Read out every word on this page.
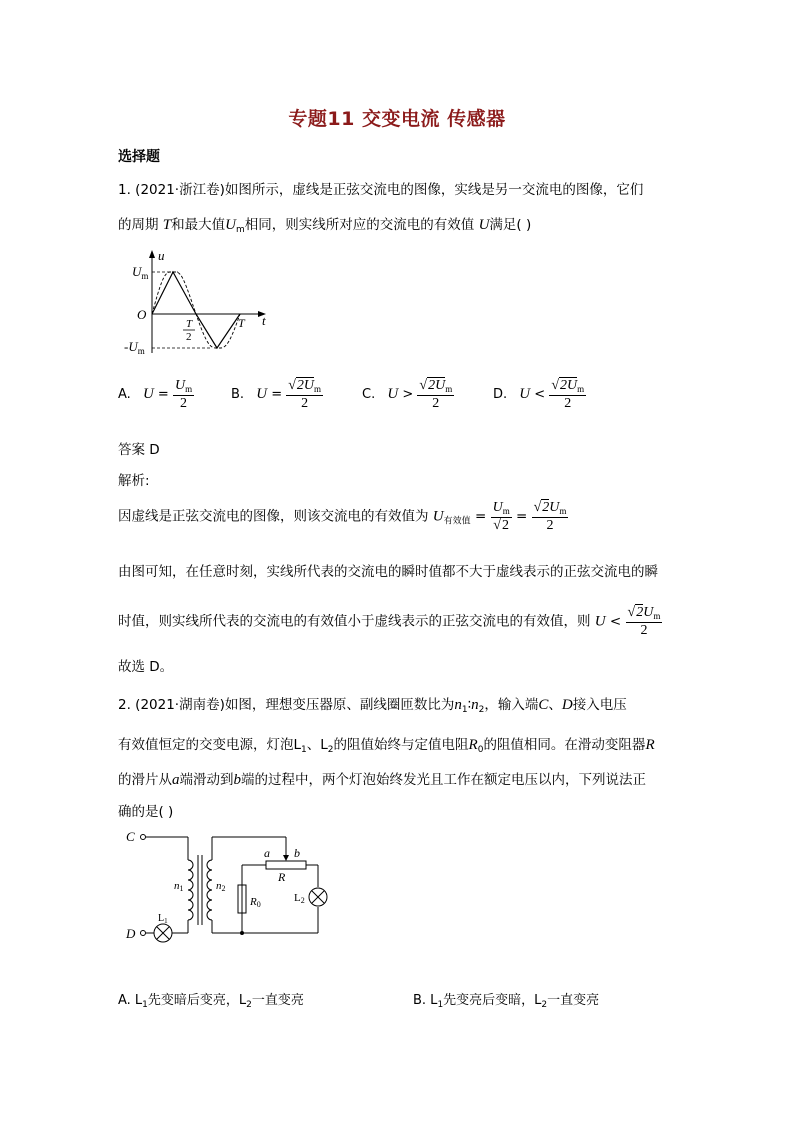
专题11 交变电流 传感器
选择题
1. (2021·浙江卷)如图所示，虚线是正弦交流电的图像，实线是另一交流电的图像，它们
的周期 T和最大值$U_m$相同，则实线所对应的交流电的有效值 U满足( )
u
t
O
$U_m$
$-U_m$
T
T
2
A. $U = \frac{U_m}{2}$	B. $U = \frac{√2U_m}{2}$	C. $U > \frac{√2U_m}{2}$	D. $U < \frac{√2U_m}{2}$
答案 D
解析:
因虚线是正弦交流电的图像，则该交流电的有效值为 $U_{有效值} = \frac{U_m}{√2} = \frac{√2U_m}{2}$
由图可知，在任意时刻，实线所代表的交流电的瞬时值都不大于虚线表示的正弦交流电的瞬
时值，则实线所代表的交流电的有效值小于虚线表示的正弦交流电的有效值，则 $U < \frac{√2U_m}{2}$
故选 D。
2. (2021·湖南卷)如图，理想变压器原、副线圈匝数比为$n_1∶n_2$，输入端C、D接入电压
有效值恒定的交变电源，灯泡$L_1$、$L_2$的阻值始终与定值电阻$R_0$的阻值相同。在滑动变阻器R
的滑片从a端滑动到b端的过程中，两个灯泡始终发光且工作在额定电压以内，下列说法正
确的是( )
C
D
n1	n2
a b
R
R0
L2
$L_1$
A. $L_1$先变暗后变亮，$L_2$一直变亮	B. $L_1$先变亮后变暗，$L_2$一直变亮
